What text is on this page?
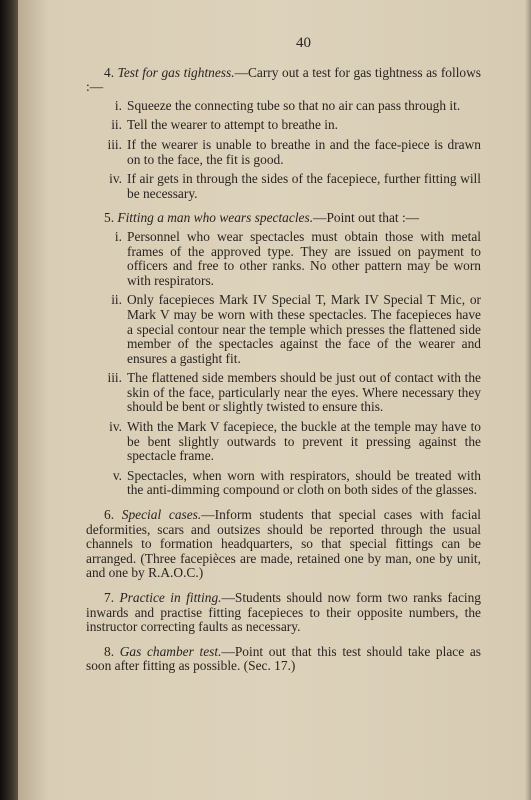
40
4. Test for gas tightness.—Carry out a test for gas tightness as follows :—
i. Squeeze the connecting tube so that no air can pass through it.
ii. Tell the wearer to attempt to breathe in.
iii. If the wearer is unable to breathe in and the face-piece is drawn on to the face, the fit is good.
iv. If air gets in through the sides of the facepiece, further fitting will be necessary.
5. Fitting a man who wears spectacles.—Point out that :—
i. Personnel who wear spectacles must obtain those with metal frames of the approved type. They are issued on payment to officers and free to other ranks. No other pattern may be worn with respirators.
ii. Only facepieces Mark IV Special T, Mark IV Special T Mic, or Mark V may be worn with these spectacles. The facepieces have a special contour near the temple which presses the flattened side member of the spectacles against the face of the wearer and ensures a gastight fit.
iii. The flattened side members should be just out of contact with the skin of the face, particularly near the eyes. Where necessary they should be bent or slightly twisted to ensure this.
iv. With the Mark V facepiece, the buckle at the temple may have to be bent slightly outwards to prevent it pressing against the spectacle frame.
v. Spectacles, when worn with respirators, should be treated with the anti-dimming compound or cloth on both sides of the glasses.
6. Special cases.—Inform students that special cases with facial deformities, scars and outsizes should be reported through the usual channels to formation headquarters, so that special fittings can be arranged. (Three facepièces are made, retained one by man, one by unit, and one by R.A.O.C.)
7. Practice in fitting.—Students should now form two ranks facing inwards and practise fitting facepieces to their opposite numbers, the instructor correcting faults as necessary.
8. Gas chamber test.—Point out that this test should take place as soon after fitting as possible. (Sec. 17.)
